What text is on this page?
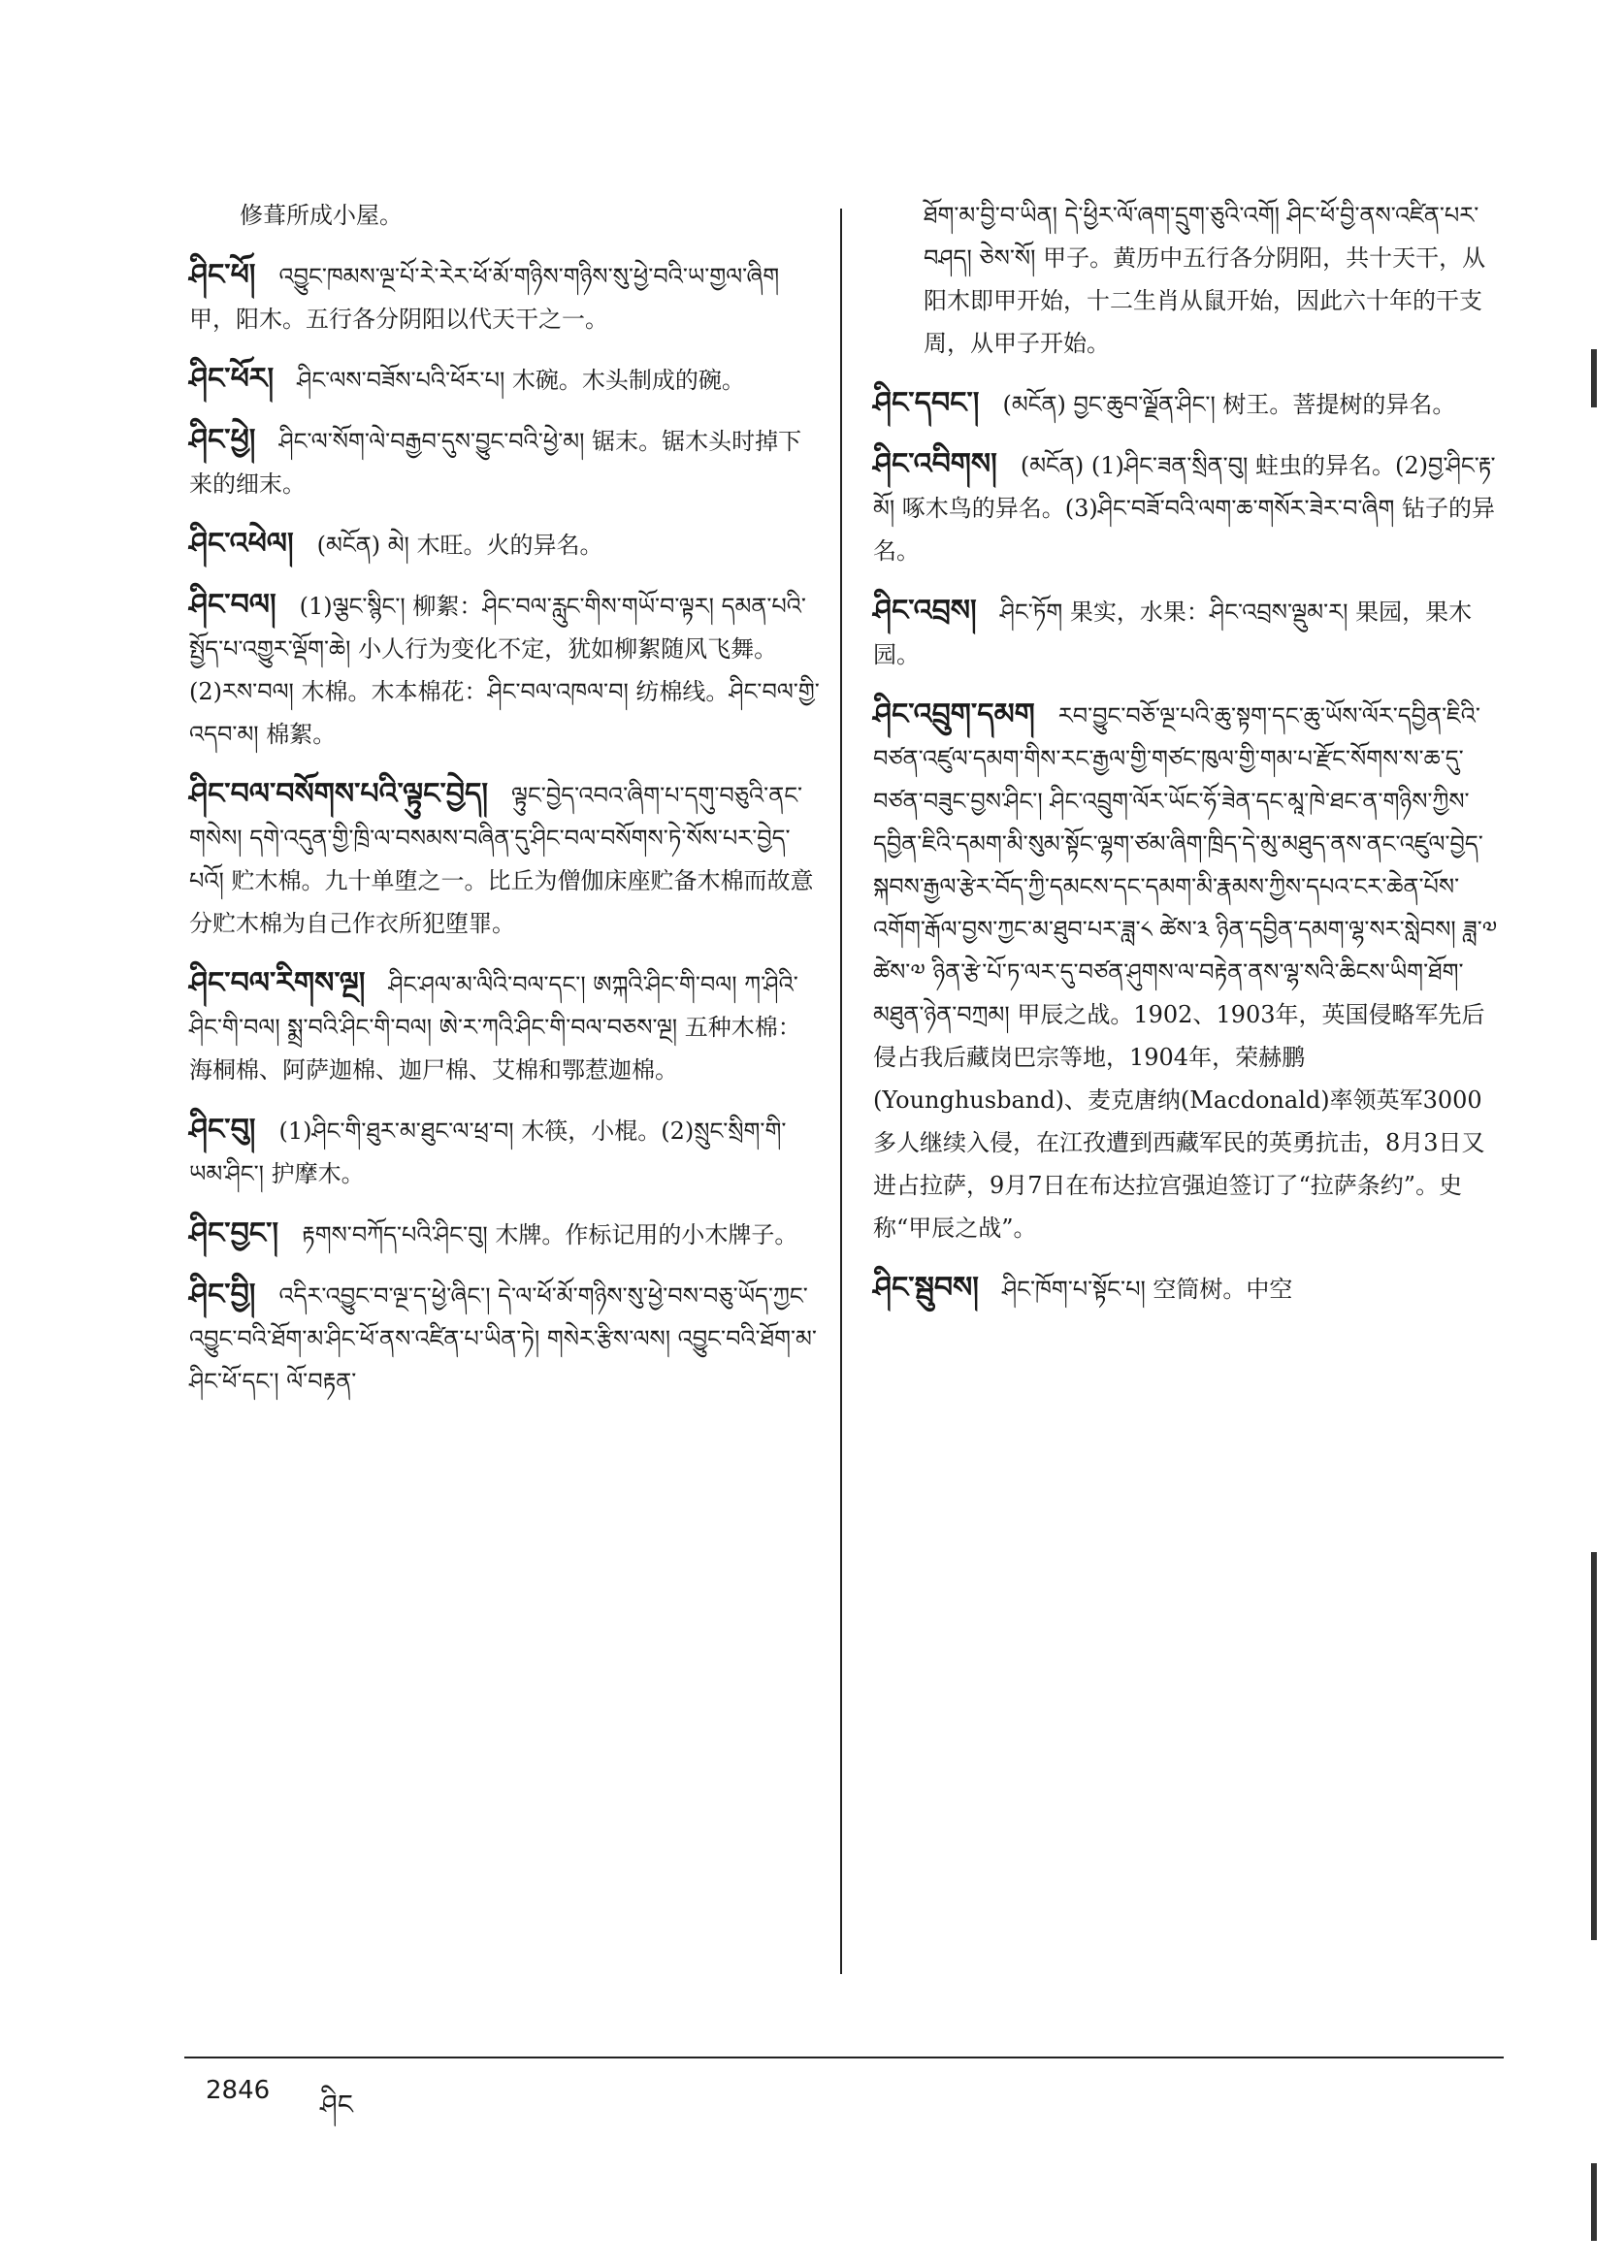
修葺所成小屋。
ཤིང་ཕོ།　 འབྱུང་ཁམས་ལྔ་པོ་རེ་རེར་ཕོ་མོ་གཉིས་གཉིས་སུ་ཕྱེ་བའི་ཡ་གྱལ་ཞིག 甲，阳木。五行各分阴阳以代天干之一。
ཤིང་ཕོར།　 ཤིང་ལས་བཟོས་པའི་ཕོར་པ། 木碗。木头制成的碗。
ཤིང་ཕྱེ།　 ཤིང་ལ་སོག་ལེ་བརྒྱབ་དུས་བྱུང་བའི་ཕྱེ་མ། 锯末。锯木头时掉下来的细末。
ཤིང་འཕེལ།　 (མངོན) མེ། 木旺。火的异名。
ཤིང་བལ།　 (1)ལྕང་སྙིང་། 柳絮：ཤིང་བལ་རླུང་གིས་གཡོ་བ་ལྟར། དམན་པའི་སྤྱོད་པ་འགྱུར་ལྡོག་ཆེ། 小人行为变化不定，犹如柳絮随风飞舞。(2)རས་བལ། 木棉。木本棉花：ཤིང་བལ་འཁལ་བ། 纺棉线。ཤིང་བལ་གྱི་འདབ་མ། 棉絮。
ཤིང་བལ་བསོགས་པའི་ལྟུང་བྱེད།　 ལྟུང་བྱེད་འབའ་ཞིག་པ་དགུ་བཅུའི་ནང་གསེས། དགེ་འདུན་གྱི་ཁྲི་ལ་བསམས་བཞིན་དུ་ཤིང་བལ་བསོགས་ཏེ་སོས་པར་བྱེད་པའོ། 贮木棉。九十单堕之一。比丘为僧伽床座贮备木棉而故意分贮木棉为自己作衣所犯堕罪。
ཤིང་བལ་རིགས་ལྔ།　 ཤིང་ཤལ་མ་ལིའི་བལ་དང་། ཨཀྐའི་ཤིང་གི་བལ། ཀ་ཤིའི་ཤིང་གི་བལ། སྨྲ་བའི་ཤིང་གི་བལ། ཨེ་ར་ཀའི་ཤིང་གི་བལ་བཅས་ལྔ། 五种木棉：海桐棉、阿萨迦棉、迦尸棉、艾棉和鄂惹迦棉。
ཤིང་བུ།　 (1)ཤིང་གི་ཐུར་མ་ཐུང་ལ་ཕྲ་བ། 木筷，小棍。(2)སྲུང་སྲིག་གི་ཡམ་ཤིང་། 护摩木。
ཤིང་བྱང་།　 རྟགས་བཀོད་པའི་ཤིང་བུ། 木牌。作标记用的小木牌子。
ཤིང་བྱི།　 འདིར་འབྱུང་བ་ལྔ་ད་ཕྱེ་ཞིང་། དེ་ལ་ཕོ་མོ་གཉིས་སུ་ཕྱེ་བས་བཅུ་ཡོད་ཀྱང་འབྱུང་བའི་ཐོག་མ་ཤིང་ཕོ་ནས་འཛིན་པ་ཡིན་ཏེ། གསེར་རྩིས་ལས། འབྱུང་བའི་ཐོག་མ་ཤིང་ཕོ་དང་། ལོ་བརྟན་
ཐོག་མ་བྱི་བ་ཡིན། དེ་ཕྱིར་ལོ་ཞག་དྲུག་ཅུའི་འགོ། ཤིང་ཕོ་བྱི་ནས་འཛིན་པར་བཤད། ཅེས་སོ། 甲子。黄历中五行各分阴阳，共十天干，从阳木即甲开始，十二生肖从鼠开始，因此六十年的干支周，从甲子开始。
ཤིང་དབང་།　 (མངོན) བྱང་ཆུབ་ལྗོན་ཤིང་། 树王。菩提树的异名。
ཤིང་འབིགས།　 (མངོན) (1)ཤིང་ཟན་སྲིན་བུ། 蛀虫的异名。(2)བྱ་ཤིང་རྟ་མོ། 啄木鸟的异名。(3)ཤིང་བཟོ་བའི་ལག་ཆ་གསོར་ཟེར་བ་ཞིག 钻子的异名。
ཤིང་འབྲས།　 ཤིང་ཏོག 果实，水果：ཤིང་འབྲས་ལྡུམ་ར། 果园，果木园。
ཤིང་འབྲུག་དམག　 རབ་བྱུང་བཅོ་ལྔ་པའི་ཆུ་སྟག་དང་ཆུ་ཡོས་ལོར་དབྱིན་ཇིའི་བཙན་འཛུལ་དམག་གིས་རང་རྒྱལ་གྱི་གཙང་ཁུལ་གྱི་གམ་པ་རྫོང་སོགས་ས་ཆ་དུ་བཙན་བཟུང་བྱས་ཤིང་། ཤིང་འབྲུག་ལོར་ཡོང་ཧོ་ཟེན་དང་མཱ་ཁེ་ཐང་ན་གཉིས་ཀྱིས་དབྱིན་ཇིའི་དམག་མི་སུམ་སྟོང་ལྷག་ཙམ་ཞིག་ཁྲིད་དེ་མུ་མཐུད་ནས་ནང་འཛུལ་བྱེད་སྐབས་རྒྱལ་རྩེར་བོད་ཀྱི་དམངས་དང་དམག་མི་རྣམས་ཀྱིས་དཔའ་ངར་ཆེན་པོས་འགོག་རྒོལ་བྱས་ཀྱང་མ་ཐུབ་པར་ཟླ་༨ ཚེས་༣ ཉིན་དབྱིན་དམག་ལྷ་སར་སླེབས། ཟླ་༧ ཚེས་༧ ཉིན་རྩེ་པོ་ཏ་ལར་དུ་བཙན་ཤུགས་ལ་བརྟེན་ནས་ལྷ་སའི་ཆིངས་ཡིག་ཐོག་མཐུན་ཉེན་བཀྲམ། 甲辰之战。1902、1903年，英国侵略军先后侵占我后藏岗巴宗等地，1904年，荣赫鹏(Younghusband)、麦克唐纳(Macdonald)率领英军3000多人继续入侵，在江孜遭到西藏军民的英勇抗击，8月3日又进占拉萨，9月7日在布达拉宫强迫签订了“拉萨条约”。史称“甲辰之战”。
ཤིང་སྦུབས།　 ཤིང་ཁོག་པ་སྟོང་པ། 空筒树。中空
2846 ཤིང
